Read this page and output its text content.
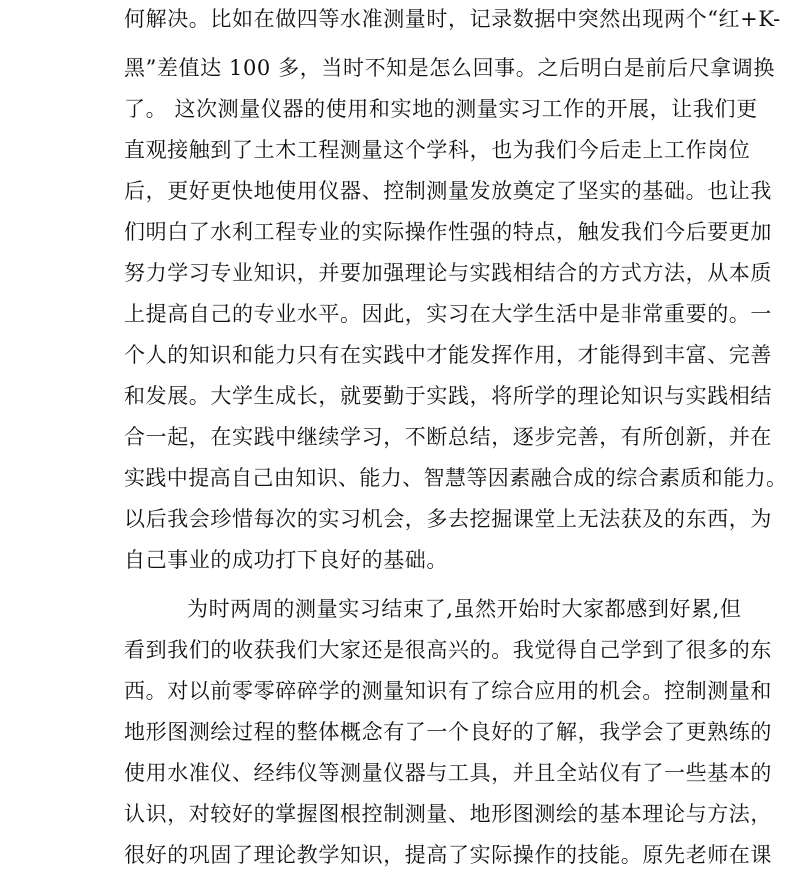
何解决。比如在做四等水准测量时，记录数据中突然出现两个“红+K-

黑”差值达 100 多，当时不知是怎么回事。之后明白是前后尺拿调换

了。 这次测量仪器的使用和实地的测量实习工作的开展，让我们更

直观接触到了土木工程测量这个学科，也为我们今后走上工作岗位

后，更好更快地使用仪器、控制测量发放奠定了坚实的基础。也让我

们明白了水利工程专业的实际操作性强的特点，触发我们今后要更加

努力学习专业知识，并要加强理论与实践相结合的方式方法，从本质

上提高自己的专业水平。因此，实习在大学生活中是非常重要的。一

个人的知识和能力只有在实践中才能发挥作用，才能得到丰富、完善

和发展。大学生成长，就要勤于实践，将所学的理论知识与实践相结

合一起，在实践中继续学习，不断总结，逐步完善，有所创新，并在

实践中提高自己由知识、能力、智慧等因素融合成的综合素质和能力。

以后我会珍惜每次的实习机会，多去挖掘课堂上无法获及的东西，为

自己事业的成功打下良好的基础。

为时两周的测量实习结束了,虽然开始时大家都感到好累,但

看到我们的收获我们大家还是很高兴的。我觉得自己学到了很多的东

西。对以前零零碎碎学的测量知识有了综合应用的机会。控制测量和

地形图测绘过程的整体概念有了一个良好的了解，我学会了更熟练的

使用水准仪、经纬仪等测量仪器与工具，并且全站仪有了一些基本的

认识，对较好的掌握图根控制测量、地形图测绘的基本理论与方法，

很好的巩固了理论教学知识，提高了实际操作的技能。原先老师在课
